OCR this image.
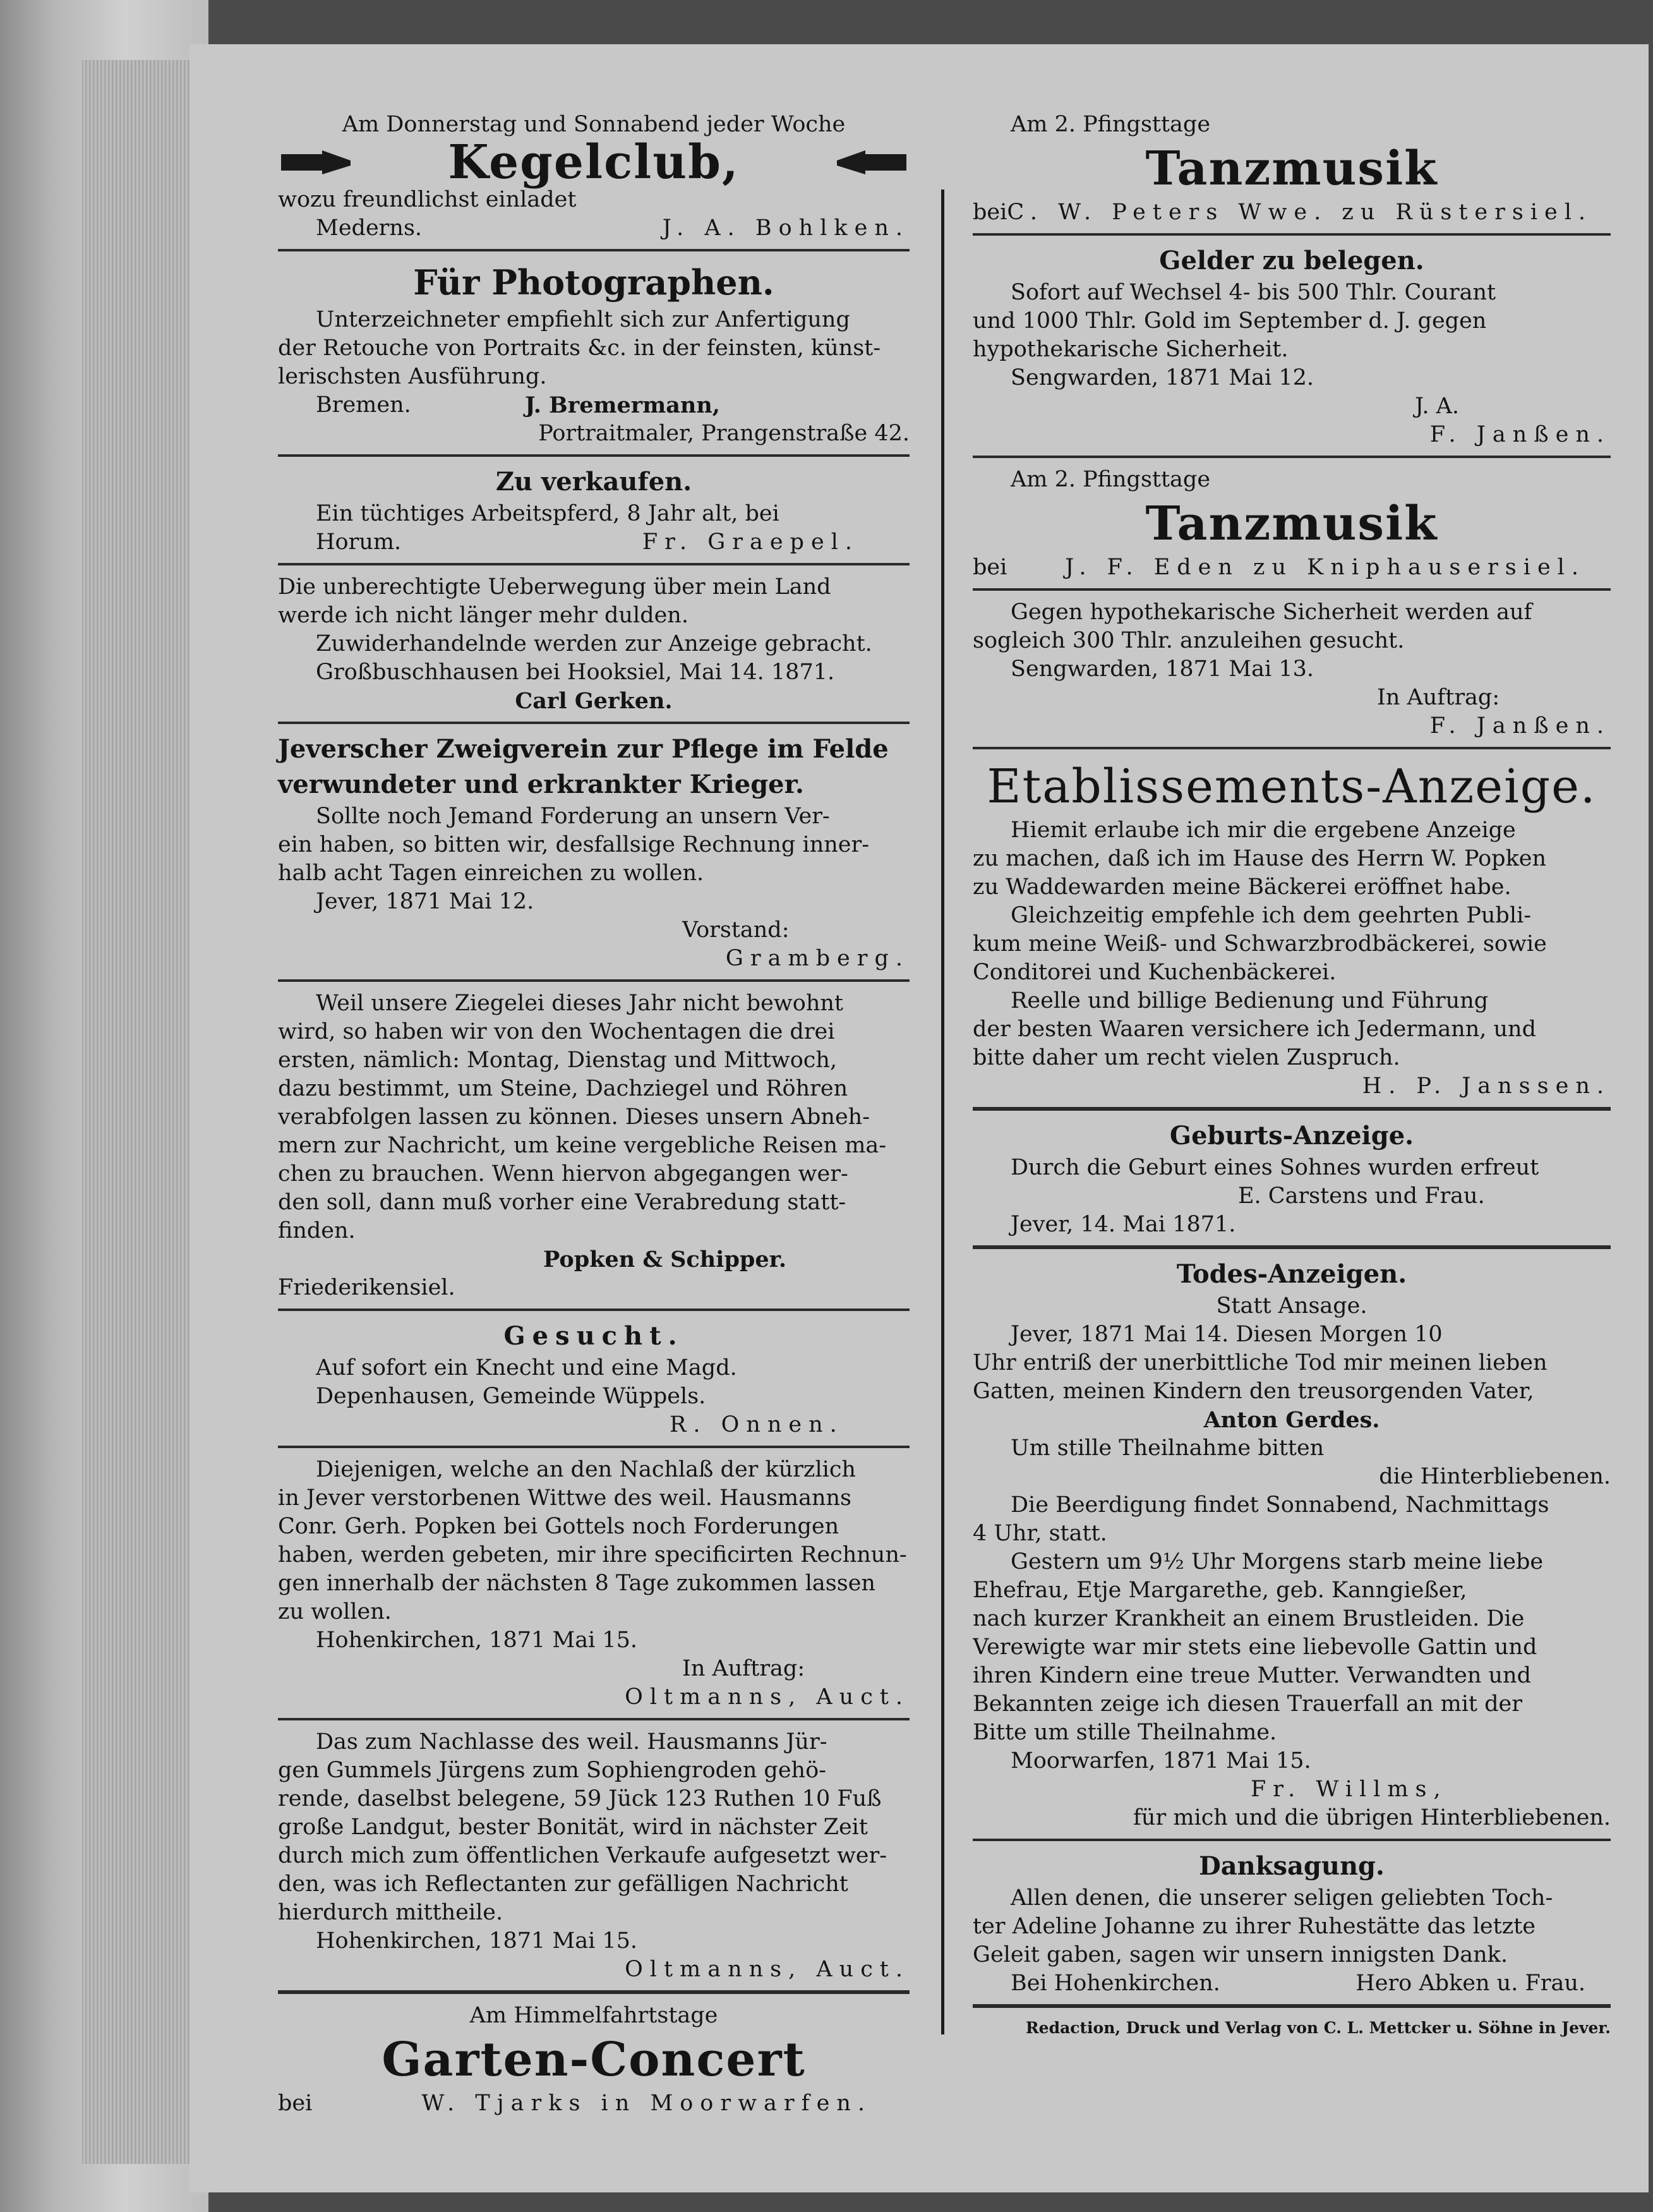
Am Donnerstag und Sonnabend jeder Woche
Kegelclub,
wozu freundlichst einladet
Mederns.	J. A. Bohlken.
Für Photographen.
Unterzeichneter empfiehlt sich zur Anfertigung
der Retouche von Portraits &c. in der feinsten, künst-
lerischsten Ausführung.
Bremen.	J. Bremermann,
Portraitmaler, Prangenstraße 42.
Zu verkaufen.
Ein tüchtiges Arbeitspferd, 8 Jahr alt, bei
Horum.	Fr. Graepel.
Die unberechtigte Ueberwegung über mein Land
werde ich nicht länger mehr dulden.
Zuwiderhandelnde werden zur Anzeige gebracht.
Großbuschhausen bei Hooksiel, Mai 14. 1871.
Carl Gerken.
Jeverscher Zweigverein zur Pflege im Felde
verwundeter und erkrankter Krieger.
Sollte noch Jemand Forderung an unsern Ver-
ein haben, so bitten wir, desfallsige Rechnung inner-
halb acht Tagen einreichen zu wollen.
Jever, 1871 Mai 12.
Vorstand:
Gramberg.
Weil unsere Ziegelei dieses Jahr nicht bewohnt
wird, so haben wir von den Wochentagen die drei
ersten, nämlich: Montag, Dienstag und Mittwoch,
dazu bestimmt, um Steine, Dachziegel und Röhren
verabfolgen lassen zu können. Dieses unsern Abneh-
mern zur Nachricht, um keine vergebliche Reisen ma-
chen zu brauchen. Wenn hiervon abgegangen wer-
den soll, dann muß vorher eine Verabredung statt-
finden.
Popken & Schipper.
Friederikensiel.
Gesucht.
Auf sofort ein Knecht und eine Magd.
Depenhausen, Gemeinde Wüppels.
R. Onnen.
Diejenigen, welche an den Nachlaß der kürzlich
in Jever verstorbenen Wittwe des weil. Hausmanns
Conr. Gerh. Popken bei Gottels noch Forderungen
haben, werden gebeten, mir ihre specificirten Rechnun-
gen innerhalb der nächsten 8 Tage zukommen lassen
zu wollen.
Hohenkirchen, 1871 Mai 15.
In Auftrag:
Oltmanns, Auct.
Das zum Nachlasse des weil. Hausmanns Jür-
gen Gummels Jürgens zum Sophiengroden gehö-
rende, daselbst belegene, 59 Jück 123 Ruthen 10 Fuß
große Landgut, bester Bonität, wird in nächster Zeit
durch mich zum öffentlichen Verkaufe aufgesetzt wer-
den, was ich Reflectanten zur gefälligen Nachricht
hierdurch mittheile.
Hohenkirchen, 1871 Mai 15.
Oltmanns, Auct.
Am Himmelfahrtstage
Garten-Concert
bei	W. Tjarks in Moorwarfen.
Am 2. Pfingsttage
Tanzmusik
bei C. W. Peters Wwe. zu Rüstersiel.
Gelder zu belegen.
Sofort auf Wechsel 4- bis 500 Thlr. Courant
und 1000 Thlr. Gold im September d. J. gegen
hypothekarische Sicherheit.
Sengwarden, 1871 Mai 12.
J. A.
F. Janßen.
Am 2. Pfingsttage
Tanzmusik
bei	J. F. Eden zu Kniphausersiel.
Gegen hypothekarische Sicherheit werden auf
sogleich 300 Thlr. anzuleihen gesucht.
Sengwarden, 1871 Mai 13.
In Auftrag:
F. Janßen.
Etablissements-Anzeige.
Hiemit erlaube ich mir die ergebene Anzeige
zu machen, daß ich im Hause des Herrn W. Popken
zu Waddewarden meine Bäckerei eröffnet habe.
Gleichzeitig empfehle ich dem geehrten Publi-
kum meine Weiß- und Schwarzbrodbäckerei, sowie
Conditorei und Kuchenbäckerei.
Reelle und billige Bedienung und Führung
der besten Waaren versichere ich Jedermann, und
bitte daher um recht vielen Zuspruch.
H. P. Janssen.
Geburts-Anzeige.
Durch die Geburt eines Sohnes wurden erfreut
E. Carstens und Frau.
Jever, 14. Mai 1871.
Todes-Anzeigen.
Statt Ansage.
Jever, 1871 Mai 14. Diesen Morgen 10
Uhr entriß der unerbittliche Tod mir meinen lieben
Gatten, meinen Kindern den treusorgenden Vater,
Anton Gerdes.
Um stille Theilnahme bitten
die Hinterbliebenen.
Die Beerdigung findet Sonnabend, Nachmittags
4 Uhr, statt.
Gestern um 9½ Uhr Morgens starb meine liebe
Ehefrau, Etje Margarethe, geb. Kanngießer,
nach kurzer Krankheit an einem Brustleiden. Die
Verewigte war mir stets eine liebevolle Gattin und
ihren Kindern eine treue Mutter. Verwandten und
Bekannten zeige ich diesen Trauerfall an mit der
Bitte um stille Theilnahme.
Moorwarfen, 1871 Mai 15.
Fr. Willms,
für mich und die übrigen Hinterbliebenen.
Danksagung.
Allen denen, die unserer seligen geliebten Toch-
ter Adeline Johanne zu ihrer Ruhestätte das letzte
Geleit gaben, sagen wir unsern innigsten Dank.
Bei Hohenkirchen.	Hero Abken u. Frau.
Redaction, Druck und Verlag von C. L. Mettcker u. Söhne in Jever.
